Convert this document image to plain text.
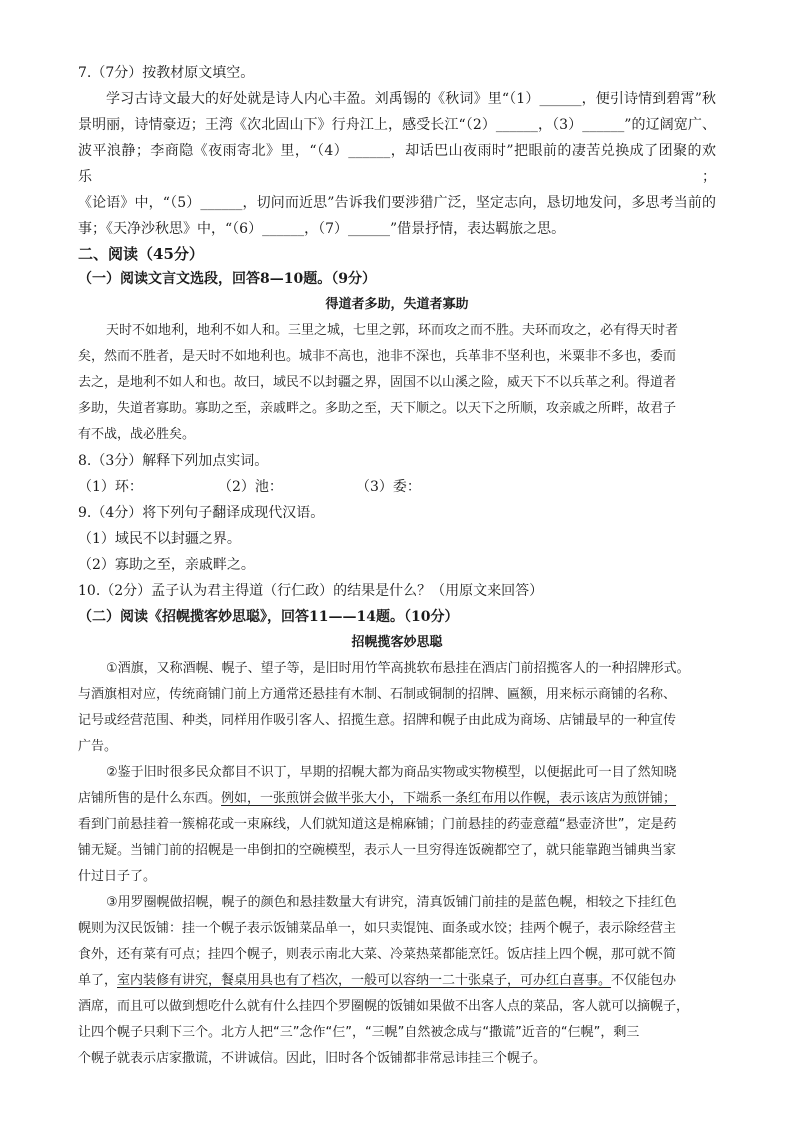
7.（7分）按教材原文填空。

学习古诗文最大的好处就是诗人内心丰盈。刘禹锡的《秋词》里“（1）______，便引诗情到碧霄”秋

景明丽，诗情豪迈；王湾《次北固山下》行舟江上，感受长江“（2）______，（3）______”的辽阔宽广、

波平浪静；李商隐《夜雨寄北》里，“（4）______，却话巴山夜雨时”把眼前的凄苦兑换成了团聚的欢乐；

《论语》中，“（5）______，切问而近思”告诉我们要涉猎广泛，坚定志向，恳切地发问，多思考当前的

事；《天净沙秋思》中，“（6）______，（7）______”借景抒情，表达羁旅之思。

二、阅读（45分）

（一）阅读文言文选段，回答8—10题。（9分）

得道者多助，失道者寡助

天时不如地利，地利不如人和。三里之城，七里之郭，环而攻之而不胜。夫环而攻之，必有得天时者

矣，然而不胜者，是天时不如地利也。城非不高也，池非不深也，兵革非不坚利也，米粟非不多也，委而

去之，是地利不如人和也。故曰，域民不以封疆之界，固国不以山溪之险，威天下不以兵革之利。得道者

多助，失道者寡助。寡助之至，亲戚畔之。多助之至，天下顺之。以天下之所顺，攻亲戚之所畔，故君子

有不战，战必胜矣。

8.（3分）解释下列加点实词。

（1）环：	（2）池：	（3）委：

9.（4分）将下列句子翻译成现代汉语。

（1）域民不以封疆之界。

（2）寡助之至，亲戚畔之。

10.（2分）孟子认为君主得道（行仁政）的结果是什么？（用原文来回答）

（二）阅读《招幌揽客妙思聪》，回答11——14题。（10分）

招幌揽客妙思聪

①酒旗，又称酒幌、幌子、望子等，是旧时用竹竿高挑软布悬挂在酒店门前招揽客人的一种招牌形式。

与酒旗相对应，传统商铺门前上方通常还悬挂有木制、石制或铜制的招牌、匾额，用来标示商铺的名称、

记号或经营范围、种类，同样用作吸引客人、招揽生意。招牌和幌子由此成为商场、店铺最早的一种宣传

广告。

②鉴于旧时很多民众都目不识丁，早期的招幌大都为商品实物或实物模型，以便据此可一目了然知晓

店铺所售的是什么东西。例如，一张煎饼会做半张大小，下端系一条红布用以作幌，表示该店为煎饼铺；

看到门前悬挂着一簇棉花或一束麻线，人们就知道这是棉麻铺；门前悬挂的药壶意蕴“悬壶济世”，定是药

铺无疑。当铺门前的招幌是一串倒扣的空碗模型，表示人一旦穷得连饭碗都空了，就只能靠跑当铺典当家

什过日子了。

③用罗圈幌做招幌，幌子的颜色和悬挂数量大有讲究，清真饭铺门前挂的是蓝色幌，相较之下挂红色

幌则为汉民饭铺：挂一个幌子表示饭铺菜品单一，如只卖馄饨、面条或水饺；挂两个幌子，表示除经营主

食外，还有菜有可点；挂四个幌子，则表示南北大菜、冷菜热菜都能烹饪。饭店挂上四个幌，那可就不简

单了，室内装修有讲究，餐桌用具也有了档次，一般可以容纳一二十张桌子，可办红白喜事。不仅能包办

酒席，而且可以做到想吃什么就有什么挂四个罗圈幌的饭铺如果做不出客人点的菜品，客人就可以摘幌子，

让四个幌子只剩下三个。北方人把“三”念作“仨”，“三幌”自然被念成与“撒谎”近音的“仨幌”，剩三

个幌子就表示店家撒谎，不讲诚信。因此，旧时各个饭铺都非常忌讳挂三个幌子。
